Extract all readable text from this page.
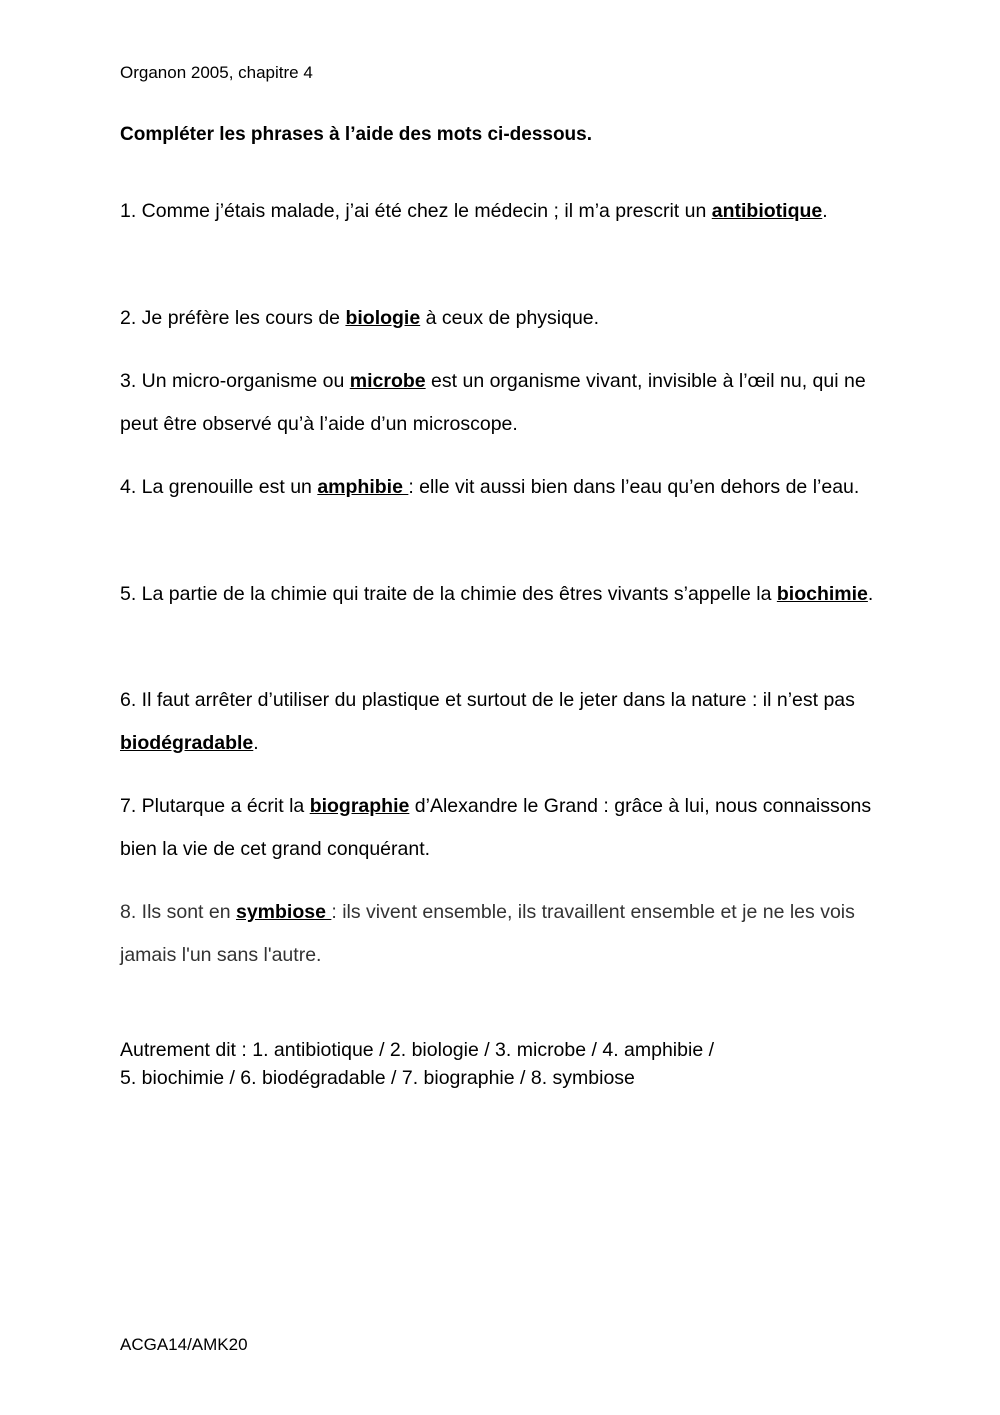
Organon 2005, chapitre 4
Compléter les phrases à l’aide des mots ci-dessous.

1. Comme j’étais malade, j’ai été chez le médecin ; il m’a prescrit un antibiotique.

2. Je préfère les cours de biologie à ceux de physique.

3. Un micro-organisme ou microbe est un organisme vivant, invisible à l’œil nu, qui ne peut être observé qu’à l’aide d’un microscope.

4. La grenouille est un amphibie : elle vit aussi bien dans l’eau qu’en dehors de l’eau.

5. La partie de la chimie qui traite de la chimie des êtres vivants s’appelle la biochimie.

6. Il faut arrêter d’utiliser du plastique et surtout de le jeter dans la nature : il n’est pas biodégradable.

7. Plutarque a écrit la biographie d’Alexandre le Grand : grâce à lui, nous connaissons bien la vie de cet grand conquérant.

8. Ils sont en symbiose : ils vivent ensemble, ils travaillent ensemble et je ne les vois jamais l'un sans l'autre.

Autrement dit : 1. antibiotique / 2. biologie / 3. microbe / 4. amphibie /
5. biochimie / 6. biodégradable / 7. biographie / 8. symbiose
ACGA14/AMK20
